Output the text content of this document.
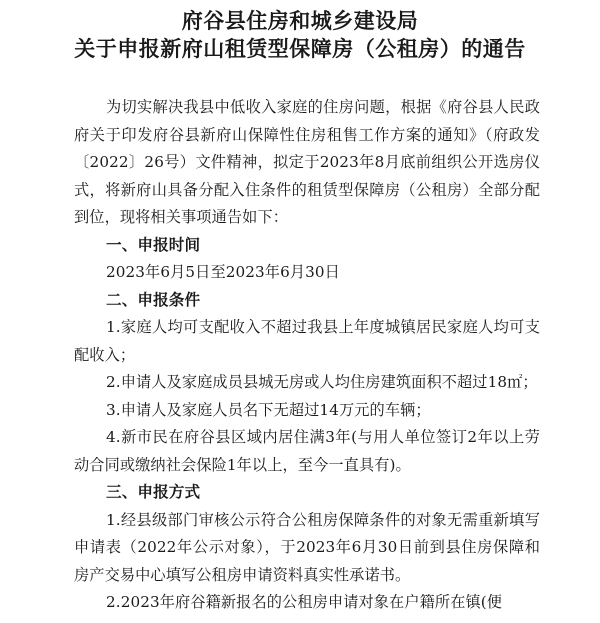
府谷县住房和城乡建设局
关于申报新府山租赁型保障房（公租房）的通告

为切实解决我县中低收入家庭的住房问题，根据《府谷县人民政府关于印发府谷县新府山保障性住房租售工作方案的通知》（府政发〔2022〕26号）文件精神，拟定于2023年8月底前组织公开选房仪式，将新府山具备分配入住条件的租赁型保障房（公租房）全部分配到位，现将相关事项通告如下：

一、申报时间

2023年6月5日至2023年6月30日

二、申报条件

1.家庭人均可支配收入不超过我县上年度城镇居民家庭人均可支配收入；

2.申请人及家庭成员县城无房或人均住房建筑面积不超过18㎡；

3.申请人及家庭人员名下无超过14万元的车辆；

4.新市民在府谷县区域内居住满3年(与用人单位签订2年以上劳动合同或缴纳社会保险1年以上，至今一直具有)。

三、申报方式

1.经县级部门审核公示符合公租房保障条件的对象无需重新填写申请表（2022年公示对象），于2023年6月30日前到县住房保障和房产交易中心填写公租房申请资料真实性承诺书。

2.2023年府谷籍新报名的公租房申请对象在户籍所在镇(便
